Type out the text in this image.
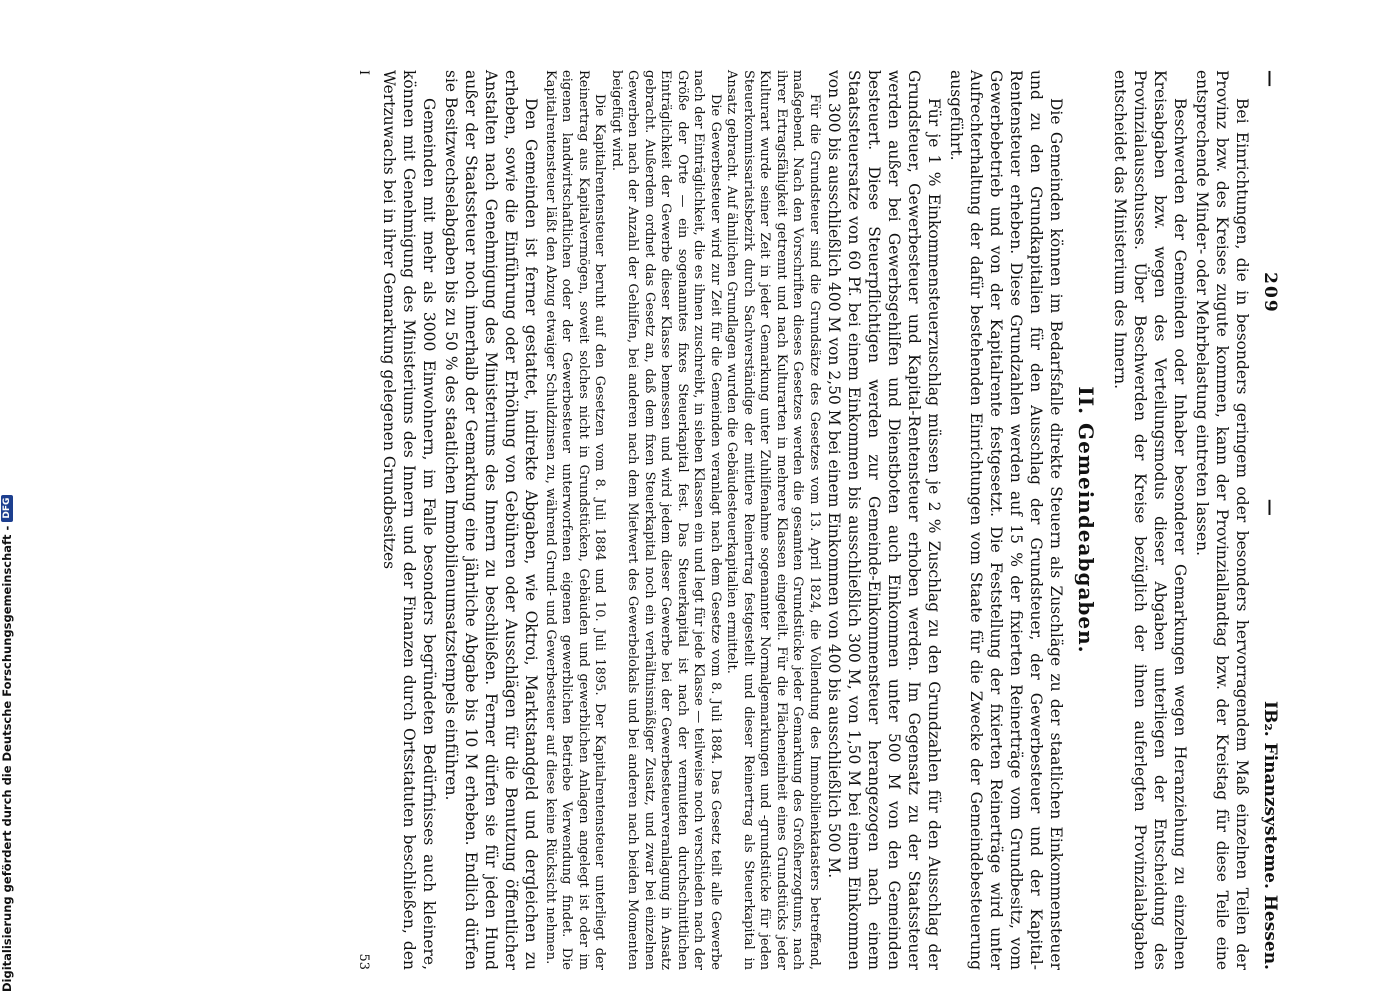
—
209
—
IB₂. Finanzsysteme. Hessen.

Bei Einrichtungen, die in besonders geringem oder besonders hervorragendem Maß einzelnen Teilen der Provinz bzw. des Kreises zugute kommen, kann der Provinziallandtag bzw. der Kreistag für diese Teile eine entsprechende Minder- oder Mehrbelastung eintreten lassen.

Beschwerden der Gemeinden oder Inhaber besonderer Gemarkungen wegen Heranziehung zu einzelnen Kreisabgaben bzw. wegen des Verteilungsmodus dieser Abgaben unterliegen der Entscheidung des Provinzialausschusses. Über Beschwerden der Kreise bezüglich der ihnen auferlegten Provinzialabgaben entscheidet das Ministerium des Innern.

II. Gemeindeabgaben.

Die Gemeinden können im Bedarfsfalle direkte Steuern als Zuschläge zu der staatlichen Einkommensteuer und zu den Grundkapitalien für den Ausschlag der Grundsteuer, der Gewerbesteuer und der Kapital-Rentensteuer erheben. Diese Grundzahlen werden auf 15 % der fixierten Reinerträge vom Grundbesitz, vom Gewerbebetrieb und von der Kapitalrente festgesetzt. Die Feststellung der fixierten Reinerträge wird unter Aufrechterhaltung der dafür bestehenden Einrichtungen vom Staate für die Zwecke der Gemeindebesteuerung ausgeführt.

Für je 1 % Einkommensteuerzuschlag müssen je 2 % Zuschlag zu den Grundzahlen für den Ausschlag der Grundsteuer, Gewerbesteuer und Kapital-Rentensteuer erhoben werden. Im Gegensatz zu der Staatssteuer werden außer bei Gewerbsgehilfen und Dienstboten auch Einkommen unter 500 M von den Gemeinden besteuert. Diese Steuerpflichtigen werden zur Gemeinde-Einkommensteuer herangezogen nach einem Staatssteuersatze von 60 Pf. bei einem Einkommen bis ausschließlich 300 M, von 1,50 M bei einem Einkommen von 300 bis ausschließlich 400 M von 2,50 M bei einem Einkommen von 400 bis ausschließlich 500 M.

Für die Grundsteuer sind die Grundsätze des Gesetzes vom 13. April 1824, die Vollendung des Immobilienkatasters betreffend, maßgebend. Nach den Vorschriften dieses Gesetzes werden die gesamten Grundstücke jeder Gemarkung des Großherzogtums, nach ihrer Ertragsfähigkeit getrennt und nach Kulturarten in mehrere Klassen eingeteilt. Für die Flächeneinheit eines Grundstücks jeder Kulturart wurde seiner Zeit in jeder Gemarkung unter Zuhilfenahme sogenannter Normalgemarkungen und -grundstücke für jeden Steuerkommissariatsbezirk durch Sachverständige der mittlere Reinertrag festgestellt und dieser Reinertrag als Steuerkapital in Ansatz gebracht. Auf ähnlichen Grundlagen wurden die Gebäudesteuerkapitalien ermittelt.

Die Gewerbesteuer wird zur Zeit für die Gemeinden veranlagt nach dem Gesetze vom 8. Juli 1884. Das Gesetz teilt alle Gewerbe nach der Einträglichkeit, die es ihnen zuschreibt, in sieben Klassen ein und legt für jede Klasse — teilweise noch verschieden nach der Größe der Orte — ein sogenanntes fixes Steuerkapital fest. Das Steuerkapital ist nach der vermuteten durchschnittlichen Einträglichkeit der Gewerbe dieser Klasse bemessen und wird jedem dieser Gewerbe bei der Gewerbesteuerveranlagung in Ansatz gebracht. Außerdem ordnet das Gesetz an, daß dem fixen Steuerkapital noch ein verhältnismäßiger Zusatz, und zwar bei einzelnen Gewerben nach der Anzahl der Gehilfen, bei anderen nach dem Mietwert des Gewerbelokals und bei anderen nach beiden Momenten beigefügt wird.

Die Kapitalrentensteuer beruht auf den Gesetzen vom 8. Juli 1884 und 10. Juli 1895. Der Kapitalrentensteuer unterliegt der Reinertrag aus Kapitalvermögen, soweit solches nicht in Grundstücken, Gebäuden und gewerblichen Anlagen angelegt ist oder im eigenen landwirtschaftlichen oder der Gewerbesteuer unterworfenen eigenen gewerblichen Betriebe Verwendung findet. Die Kapitalrentensteuer läßt den Abzug etwaiger Schuldzinsen zu, während Grund- und Gewerbesteuer auf diese keine Rücksicht nehmen.

Den Gemeinden ist ferner gestattet, indirekte Abgaben, wie Oktroi, Marktstandgeld und dergleichen zu erheben, sowie die Einführung oder Erhöhung von Gebühren oder Ausschlägen für die Benutzung öffentlicher Anstalten nach Genehmigung des Ministeriums des Innern zu beschließen. Ferner dürfen sie für jeden Hund außer der Staatssteuer noch innerhalb der Gemarkung eine jährliche Abgabe bis 10 M erheben. Endlich dürfen sie Besitzwechselabgaben bis zu 50 % des staatlichen Immobilienumsatzstempels einführen.

Gemeinden mit mehr als 3000 Einwohnern, im Falle besonders begründeten Bedürfnisses auch kleinere, können mit Genehmigung des Ministeriums des Innern und der Finanzen durch Ortsstatuten beschließen, den Wertzuwachs bei in ihrer Gemarkung gelegenen Grundbesitzes

I
53
Digitalisierung gefördert durch die Deutsche Forschungsgemeinschaft -
DFG
